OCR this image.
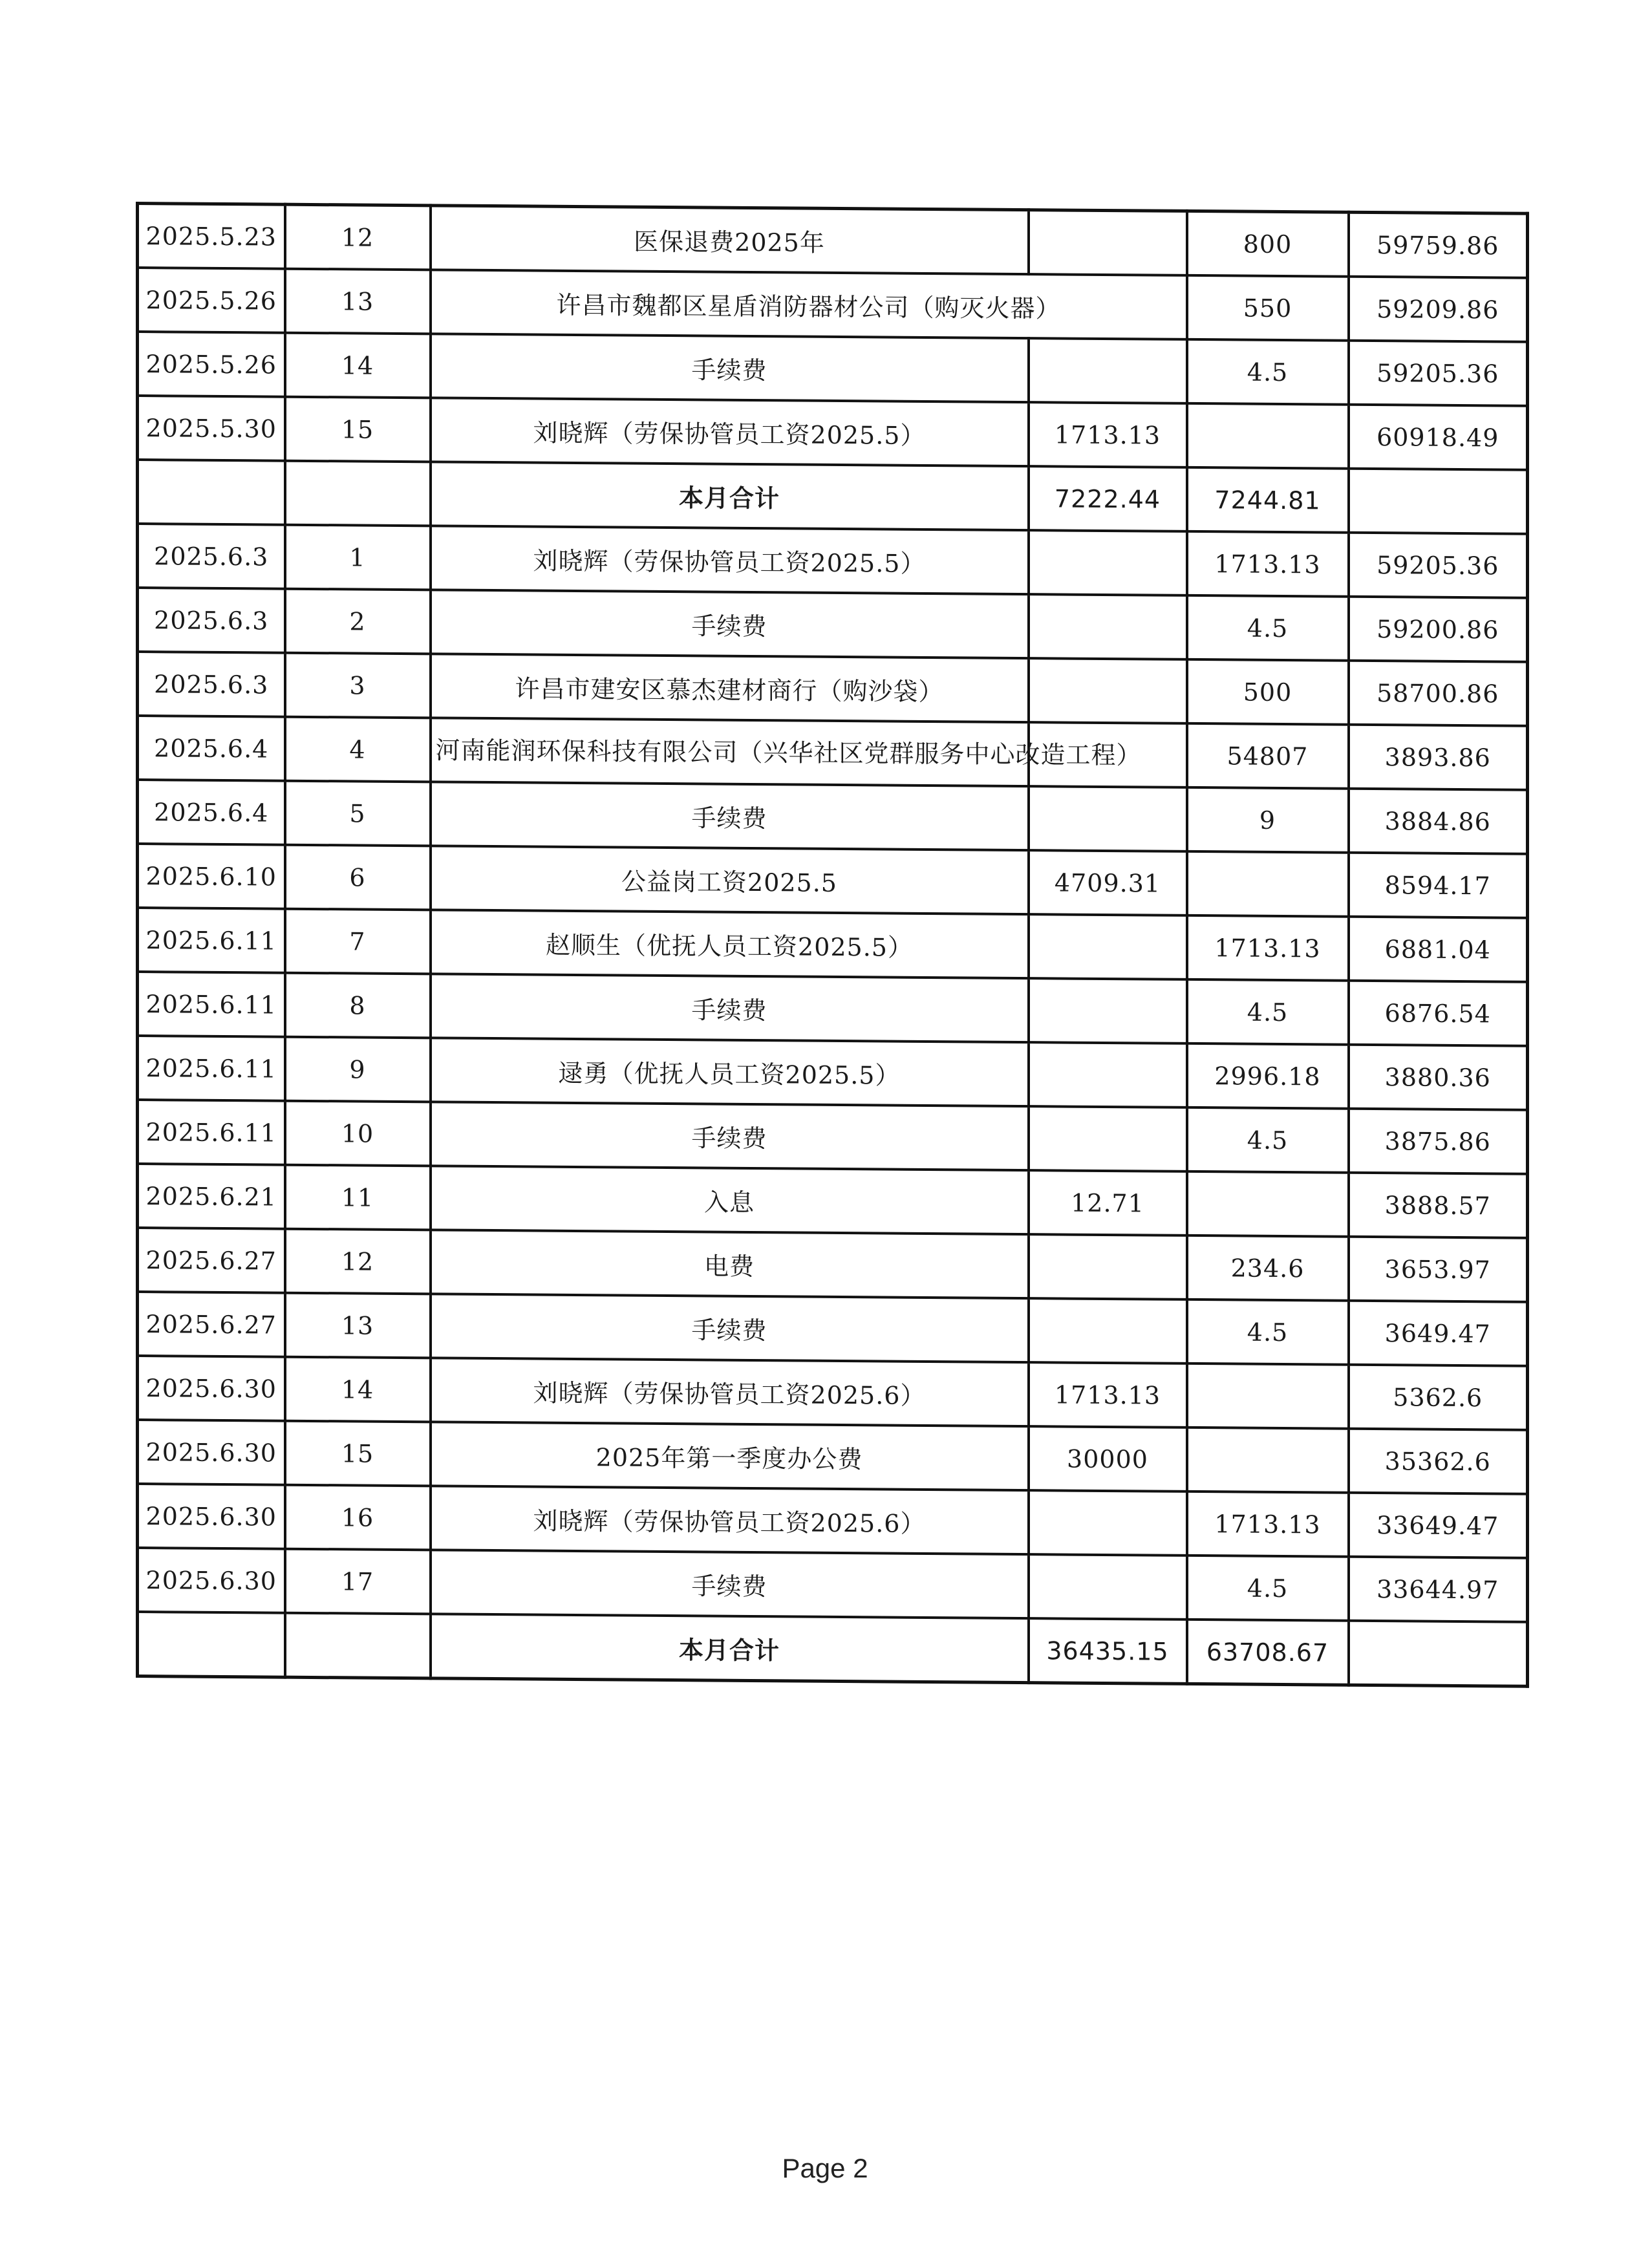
2025.5.23	12	医保退费2025年		800	59759.86
2025.5.26	13	许昌市魏都区星盾消防器材公司（购灭火器）		550	59209.86
2025.5.26	14	手续费		4.5	59205.36
2025.5.30	15	刘晓辉（劳保协管员工资2025.5）	1713.13		60918.49
		本月合计	7222.44	7244.81	
2025.6.3	1	刘晓辉（劳保协管员工资2025.5）		1713.13	59205.36
2025.6.3	2	手续费		4.5	59200.86
2025.6.3	3	许昌市建安区慕杰建材商行（购沙袋）		500	58700.86
2025.6.4	4	河南能润环保科技有限公司（兴华社区党群服务中心改造工程）		54807	3893.86
2025.6.4	5	手续费		9	3884.86
2025.6.10	6	公益岗工资2025.5	4709.31		8594.17
2025.6.11	7	赵顺生（优抚人员工资2025.5）		1713.13	6881.04
2025.6.11	8	手续费		4.5	6876.54
2025.6.11	9	逯勇（优抚人员工资2025.5）		2996.18	3880.36
2025.6.11	10	手续费		4.5	3875.86
2025.6.21	11	入息	12.71		3888.57
2025.6.27	12	电费		234.6	3653.97
2025.6.27	13	手续费		4.5	3649.47
2025.6.30	14	刘晓辉（劳保协管员工资2025.6）	1713.13		5362.6
2025.6.30	15	2025年第一季度办公费	30000		35362.6
2025.6.30	16	刘晓辉（劳保协管员工资2025.6）		1713.13	33649.47
2025.6.30	17	手续费		4.5	33644.97
		本月合计	36435.15	63708.67	
Page 2
